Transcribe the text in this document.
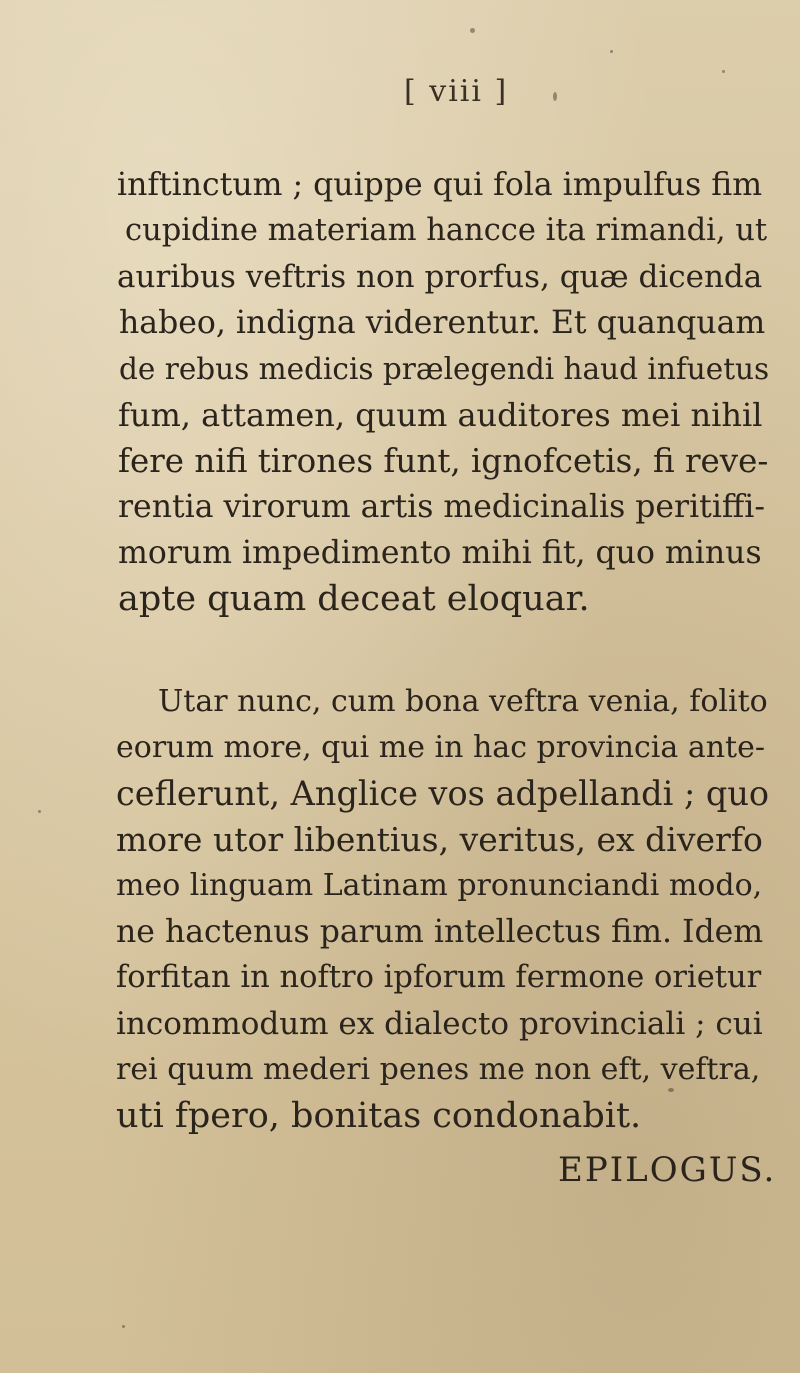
[ viii ]
inftinctum ; quippe qui fola impulfus fim
cupidine materiam hancce ita rimandi, ut
auribus veftris non prorfus, quæ dicenda
habeo, indigna viderentur. Et quanquam
de rebus medicis prælegendi haud infuetus
fum, attamen, quum auditores mei nihil
fere nifi tirones funt, ignofcetis, fi reve-
rentia virorum artis medicinalis peritiffi-
morum impedimento mihi fit, quo minus
apte quam deceat eloquar.
Utar nunc, cum bona veftra venia, folito
eorum more, qui me in hac provincia ante-
ceflerunt, Anglice vos adpellandi ; quo
more utor libentius, veritus, ex diverfo
meo linguam Latinam pronunciandi modo,
ne hactenus parum intellectus fim. Idem
forfitan in noftro ipforum fermone orietur
incommodum ex dialecto provinciali ; cui
rei quum mederi penes me non eft, veftra,
uti fpero, bonitas condonabit.
EPILOGUS.
